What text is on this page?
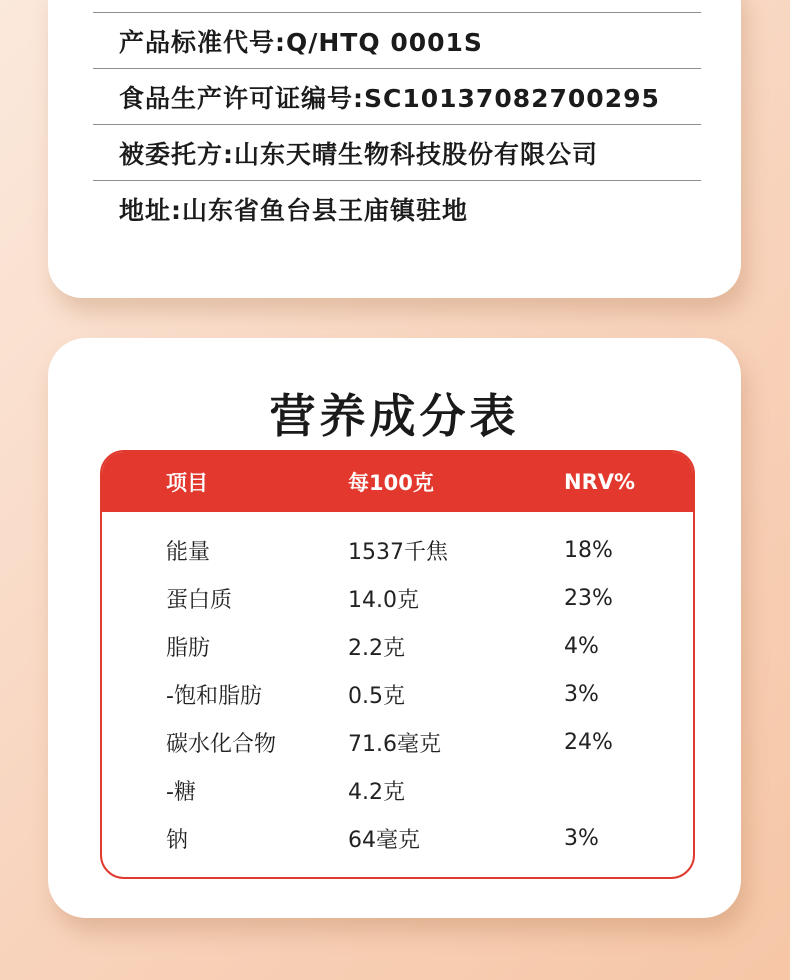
产品标准代号:Q/HTQ 0001S
食品生产许可证编号:SC10137082700295
被委托方:山东天晴生物科技股份有限公司
地址:山东省鱼台县王庙镇驻地
营养成分表
项目	每100克	NRV%
能量	1537千焦	18%
蛋白质	14.0克	23%
脂肪	2.2克	4%
-饱和脂肪	0.5克	3%
碳水化合物	71.6毫克	24%
-糖	4.2克
钠	64毫克	3%
